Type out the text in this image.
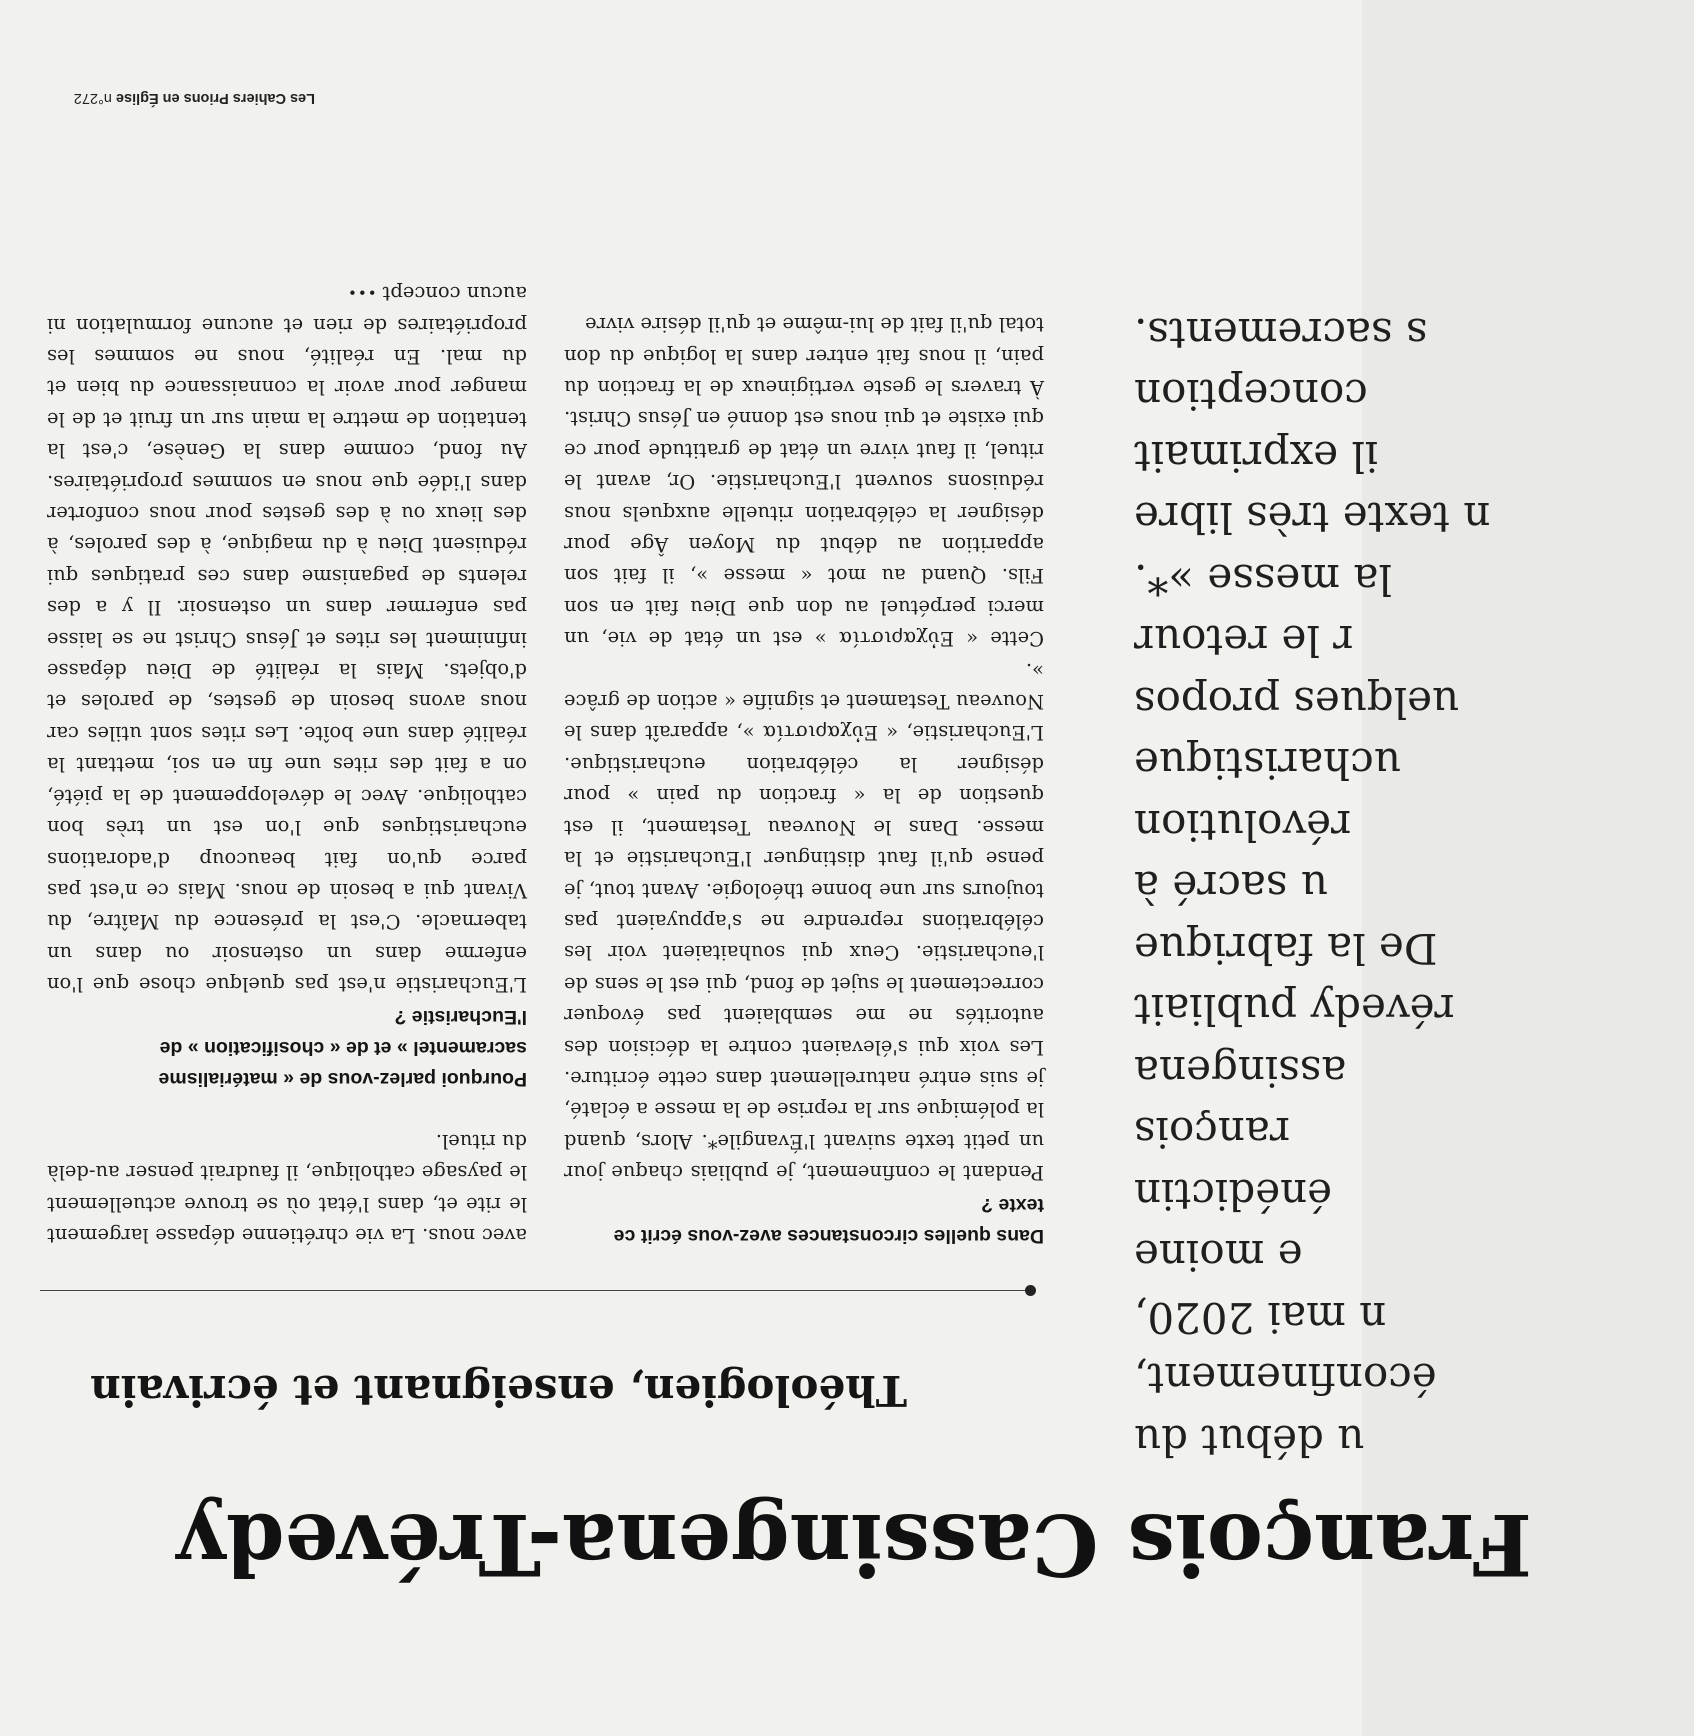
u début du
éconfinement,
n mai 2020,
e moine
énédictin
rançois
assingena
révedy publiait
De la fabrique
u sacré à
révolution
ucharistique
uelques propos
r le retour
la messe »*.
n texte très libre
il exprimait
conception
s sacrements.

François Cassingena-Trévedy
Théologien, enseignant et écrivain
Dans quelles circonstances avez-vous écrit ce texte ?

Pendant le confinement, je publiais chaque jour un petit texte suivant l'Évangile*. Alors, quand la polémique sur la reprise de la messe a éclaté, je suis entré naturellement dans cette écriture. Les voix qui s'élevaient contre la décision des autorités ne me semblaient pas évoquer correctement le sujet de fond, qui est le sens de l'eucharistie. Ceux qui souhaitaient voir les célébrations reprendre ne s'appuyaient pas toujours sur une bonne théologie. Avant tout, je pense qu'il faut distinguer l'Eucharistie et la messe. Dans le Nouveau Testament, il est question de la « fraction du pain » pour désigner la célébration eucharistique. L'Eucharistie, « Εὐχαριστία », apparaît dans le Nouveau Testament et signifie « action de grâce ».

Cette « Εὐχαριστία » est un état de vie, un merci perpétuel au don que Dieu fait en son Fils. Quand au mot « messe », il fait son apparition au début du Moyen Âge pour désigner la célébration rituelle auxquels nous réduisons souvent l'Eucharistie. Or, avant le rituel, il faut vivre un état de gratitude pour ce qui existe et qui nous est donné en Jésus Christ. À travers le geste vertigineux de la fraction du pain, il nous fait entrer dans la logique du don total qu'il fait de lui-même et qu'il désire vivre

avec nous. La vie chrétienne dépasse largement le rite et, dans l'état où se trouve actuellement le paysage catholique, il faudrait penser au-delà du rituel.

Pourquoi parlez-vous de « matérialisme sacramentel » et de « chosification » de l'Eucharistie ?

L'Eucharistie n'est pas quelque chose que l'on enferme dans un ostensoir ou dans un tabernacle. C'est la présence du Maître, du Vivant qui a besoin de nous. Mais ce n'est pas parce qu'on fait beaucoup d'adorations eucharistiques que l'on est un très bon catholique. Avec le développement de la piété, on a fait des rites une fin en soi, mettant la réalité dans une boîte. Les rites sont utiles car nous avons besoin de gestes, de paroles et d'objets. Mais la réalité de Dieu dépasse infiniment les rites et Jésus Christ ne se laisse pas enfermer dans un ostensoir. Il y a des relents de paganisme dans ces pratiques qui réduisent Dieu à du magique, à des paroles, à des lieux ou à des gestes pour nous conforter dans l'idée que nous en sommes propriétaires. Au fond, comme dans la Genèse, c'est la tentation de mettre la main sur un fruit et de le manger pour avoir la connaissance du bien et du mal. En réalité, nous ne sommes les propriétaires de rien et aucune formulation ni aucun concept•••

Les Cahiers Prions en Église n°272
